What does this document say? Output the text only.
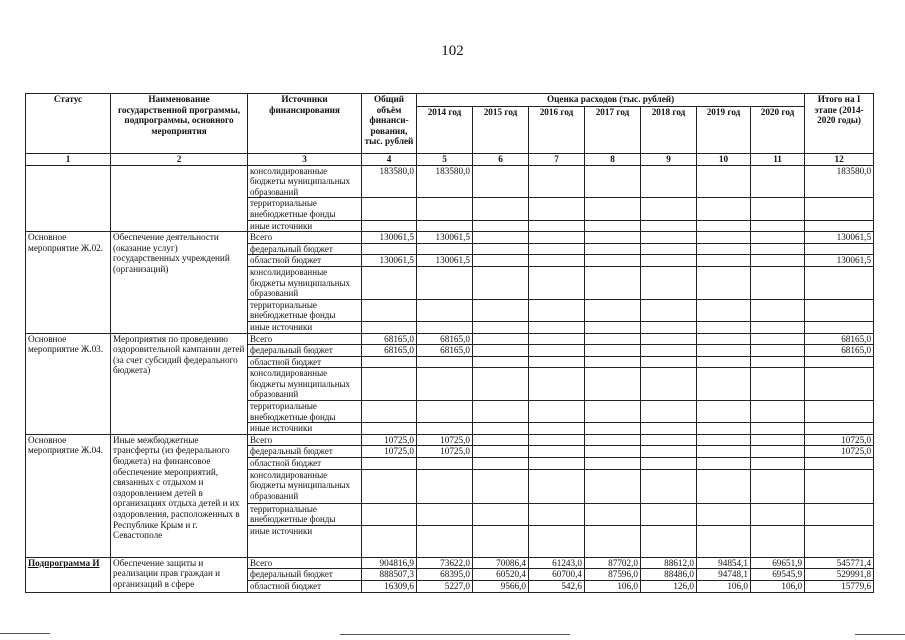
102
Статус	Наименование государственной программы, подпрограммы, основного мероприятия	Источники финансирования	Общий объём финанси-рования, тыс. рублей	Оценка расходов (тыс. рублей)							Итого на I этапе (2014-2020 годы)
				2014 год	2015 год	2016 год	2017 год	2018 год	2019 год	2020 год	
1	2	3	4	5	6	7	8	9	10	11	12
		консолидированные бюджеты муниципальных образований	183580,0	183580,0							183580,0
		территориальные внебюджетные фонды									
		иные источники									
Основное мероприятие Ж.02.	Обеспечение деятельности (оказание услуг) государственных учреждений (организаций)	Всего	130061,5	130061,5							130061,5
		федеральный бюджет									
		областной бюджет	130061,5	130061,5							130061,5
		консолидированные бюджеты муниципальных образований									
		территориальные внебюджетные фонды									
		иные источники									
Основное мероприятие Ж.03.	Мероприятия по проведению оздоровительной кампании детей (за счет субсидий федерального бюджета)	Всего	68165,0	68165,0							68165,0
		федеральный бюджет	68165,0	68165,0							68165,0
		областной бюджет									
		консолидированные бюджеты муниципальных образований									
		территориальные внебюджетные фонды									
		иные источники									
Основное мероприятие Ж.04.	Иные межбюджетные трансферты (из федерального бюджета) на финансовое обеспечение мероприятий, связанных с отдыхом и оздоровлением детей в организациях отдыха детей и их оздоровления, расположенных в Республике Крым и г. Севастополе	Всего	10725,0	10725,0							10725,0
		федеральный бюджет	10725,0	10725,0							10725,0
		областной бюджет									
		консолидированные бюджеты муниципальных образований									
		территориальные внебюджетные фонды									
		иные источники									
Подпрограмма И	Обеспечение защиты и реализации прав граждан и организаций в сфере	Всего	904816,9	73622,0	70086,4	61243,0	87702,0	88612,0	94854,1	69651,9	545771,4
		федеральный бюджет	888507,3	68395,0	60520,4	60700,4	87596,0	88486,0	94748,1	69545,9	529991,8
		областной бюджет	16309,6	5227,0	9566,0	542,6	106,0	126,0	106,0	106,0	15779,6
